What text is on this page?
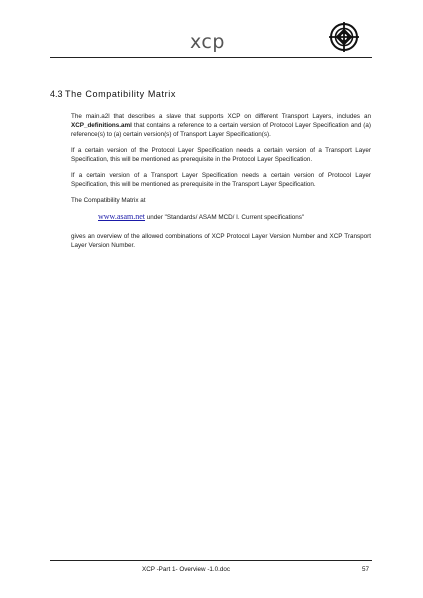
xcp
4.3 The Compatibility Matrix

The main.a2l that describes a slave that supports XCP on different Transport Layers, includes an XCP_definitions.aml that contains a reference to a certain version of Protocol Layer Specification and (a) reference(s) to (a) certain version(s) of Transport Layer Specification(s).

If a certain version of the Protocol Layer Specification needs a certain version of a Transport Layer Specification, this will be mentioned as prerequisite in the Protocol Layer Specification.

If a certain version of a Transport Layer Specification needs a certain version of Protocol Layer Specification, this will be mentioned as prerequisite in the Transport Layer Specification.

The Compatibility Matrix at

www.asam.net under "Standards/ ASAM MCD/ I. Current specifications"

gives an overview of the allowed combinations of XCP Protocol Layer Version Number and XCP Transport Layer Version Number.

XCP -Part 1- Overview -1.0.doc	57
